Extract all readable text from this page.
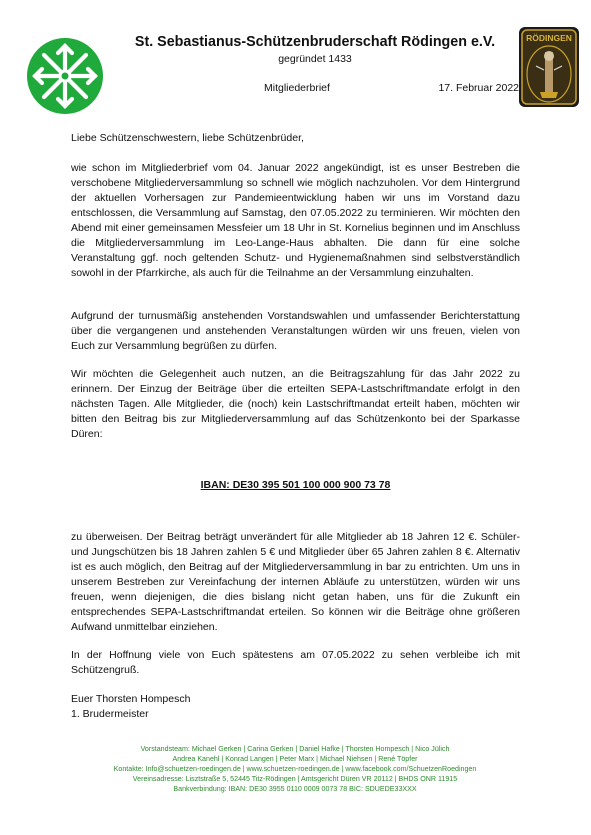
St. Sebastianus-Schützenbruderschaft Rödingen e.V.
gegründet 1433
RÖDINGEN
Mitgliederbrief	17. Februar 2022
Liebe Schützenschwestern, liebe Schützenbrüder,
wie schon im Mitgliederbrief vom 04. Januar 2022 angekündigt, ist es unser Bestreben die verschobene Mitgliederversammlung so schnell wie möglich nachzuholen. Vor dem Hintergrund der aktuellen Vorhersagen zur Pandemieentwicklung haben wir uns im Vorstand dazu entschlossen, die Versammlung auf Samstag, den 07.05.2022 zu terminieren. Wir möchten den Abend mit einer gemeinsamen Messfeier um 18 Uhr in St. Kornelius beginnen und im Anschluss die Mitgliederversammlung im Leo-Lange-Haus abhalten. Die dann für eine solche Veranstaltung ggf. noch geltenden Schutz- und Hygienemaßnahmen sind selbstverständlich sowohl in der Pfarrkirche, als auch für die Teilnahme an der Versammlung einzuhalten.
Aufgrund der turnusmäßig anstehenden Vorstandswahlen und umfassender Berichterstattung über die vergangenen und anstehenden Veranstaltungen würden wir uns freuen, vielen von Euch zur Versammlung begrüßen zu dürfen.
Wir möchten die Gelegenheit auch nutzen, an die Beitragszahlung für das Jahr 2022 zu erinnern. Der Einzug der Beiträge über die erteilten SEPA-Lastschriftmandate erfolgt in den nächsten Tagen. Alle Mitglieder, die (noch) kein Lastschriftmandat erteilt haben, möchten wir bitten den Beitrag bis zur Mitgliederversammlung auf das Schützenkonto bei der Sparkasse Düren:
IBAN: DE30 395 501 100 000 900 73 78
zu überweisen. Der Beitrag beträgt unverändert für alle Mitglieder ab 18 Jahren 12 €. Schüler- und Jungschützen bis 18 Jahren zahlen 5 € und Mitglieder über 65 Jahren zahlen 8 €. Alternativ ist es auch möglich, den Beitrag auf der Mitgliederversammlung in bar zu entrichten. Um uns in unserem Bestreben zur Vereinfachung der internen Abläufe zu unterstützen, würden wir uns freuen, wenn diejenigen, die dies bislang nicht getan haben, uns für die Zukunft ein entsprechendes SEPA-Lastschriftmandat erteilen. So können wir die Beiträge ohne größeren Aufwand unmittelbar einziehen.
In der Hoffnung viele von Euch spätestens am 07.05.2022 zu sehen verbleibe ich mit Schützengruß.
Euer Thorsten Hompesch
1. Brudermeister
Vorstandsteam: Michael Gerken | Carina Gerken | Daniel Hafke | Thorsten Hompesch | Nico Jülich
Andrea Kanehl | Konrad Langen | Peter Marx | Michael Niehsen | René Töpfer
Kontakte: Info@schuetzen-roedingen.de | www.schuetzen-roedingen.de | www.facebook.com/SchuetzenRoedingen
Vereinsadresse: Lisztstraße 5, 52445 Titz-Rödingen | Amtsgericht Düren VR 20112 | BHDS ONR 11915
Bankverbindung: IBAN: DE30 3955 0110 0009 0073 78 BIC: SDUEDE33XXX
